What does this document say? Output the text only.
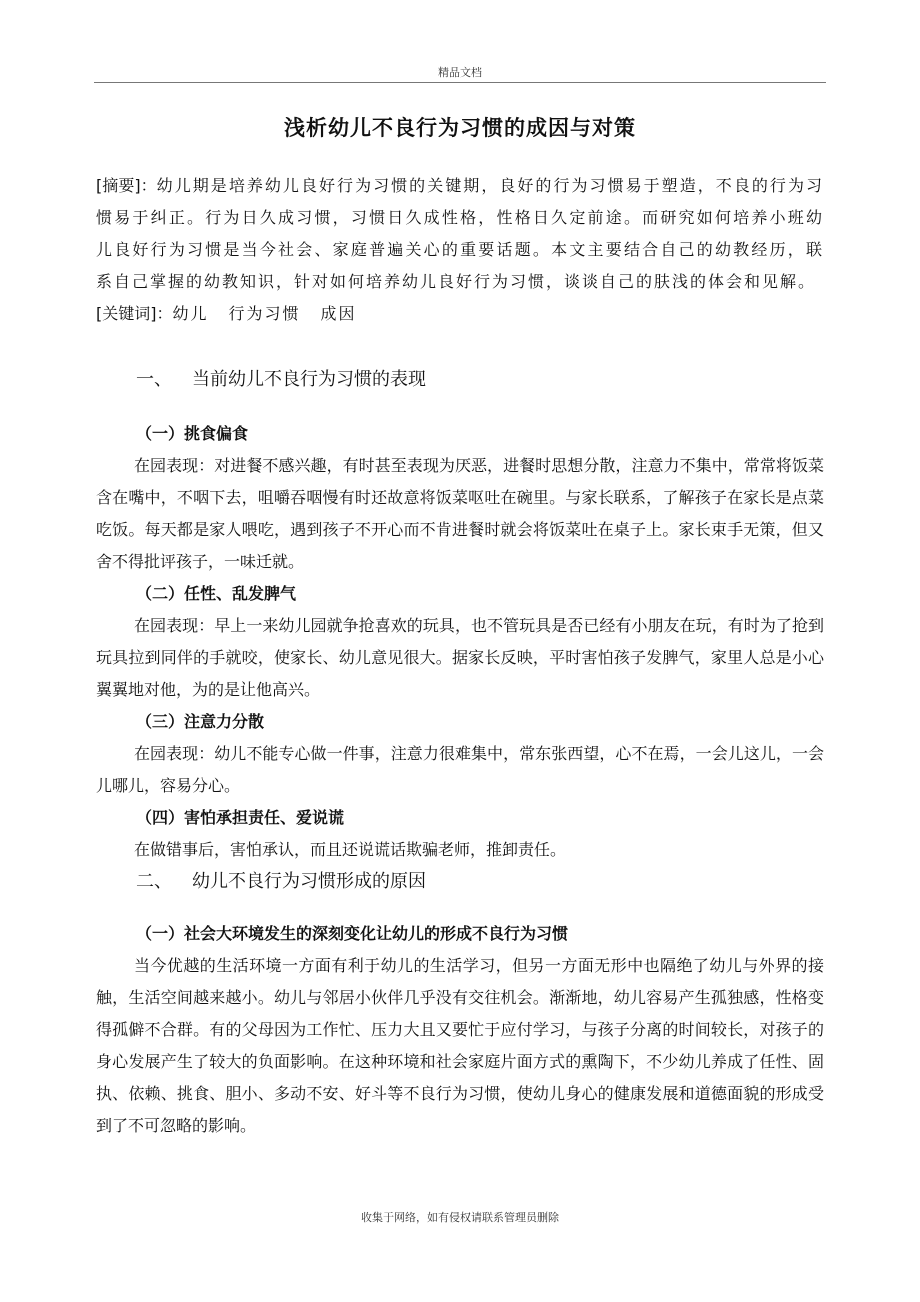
精品文档
浅析幼儿不良行为习惯的成因与对策

[摘要]：幼儿期是培养幼儿良好行为习惯的关键期，良好的行为习惯易于塑造，不良的行为习惯易于纠正。行为日久成习惯，习惯日久成性格，性格日久定前途。而研究如何培养小班幼儿良好行为习惯是当今社会、家庭普遍关心的重要话题。本文主要结合自己的幼教经历，联系自己掌握的幼教知识，针对如何培养幼儿良好行为习惯，谈谈自己的肤浅的体会和见解。

[关键词]：幼儿 行为习惯 成因

一、 当前幼儿不良行为习惯的表现

（一）挑食偏食

在园表现：对进餐不感兴趣，有时甚至表现为厌恶，进餐时思想分散，注意力不集中，常常将饭菜含在嘴中，不咽下去，咀嚼吞咽慢有时还故意将饭菜呕吐在碗里。与家长联系，了解孩子在家长是点菜吃饭。每天都是家人喂吃，遇到孩子不开心而不肯进餐时就会将饭菜吐在桌子上。家长束手无策，但又舍不得批评孩子，一味迁就。

（二）任性、乱发脾气

在园表现：早上一来幼儿园就争抢喜欢的玩具，也不管玩具是否已经有小朋友在玩，有时为了抢到玩具拉到同伴的手就咬，使家长、幼儿意见很大。据家长反映，平时害怕孩子发脾气，家里人总是小心翼翼地对他，为的是让他高兴。

（三）注意力分散

在园表现：幼儿不能专心做一件事，注意力很难集中，常东张西望，心不在焉，一会儿这儿，一会儿哪儿，容易分心。

（四）害怕承担责任、爱说谎

在做错事后，害怕承认，而且还说谎话欺骗老师，推卸责任。

二、 幼儿不良行为习惯形成的原因

（一）社会大环境发生的深刻变化让幼儿的形成不良行为习惯

当今优越的生活环境一方面有利于幼儿的生活学习，但另一方面无形中也隔绝了幼儿与外界的接触，生活空间越来越小。幼儿与邻居小伙伴几乎没有交往机会。渐渐地，幼儿容易产生孤独感，性格变得孤僻不合群。有的父母因为工作忙、压力大且又要忙于应付学习，与孩子分离的时间较长，对孩子的身心发展产生了较大的负面影响。在这种环境和社会家庭片面方式的熏陶下，不少幼儿养成了任性、固执、依赖、挑食、胆小、多动不安、好斗等不良行为习惯，使幼儿身心的健康发展和道德面貌的形成受到了不可忽略的影响。

收集于网络，如有侵权请联系管理员删除
